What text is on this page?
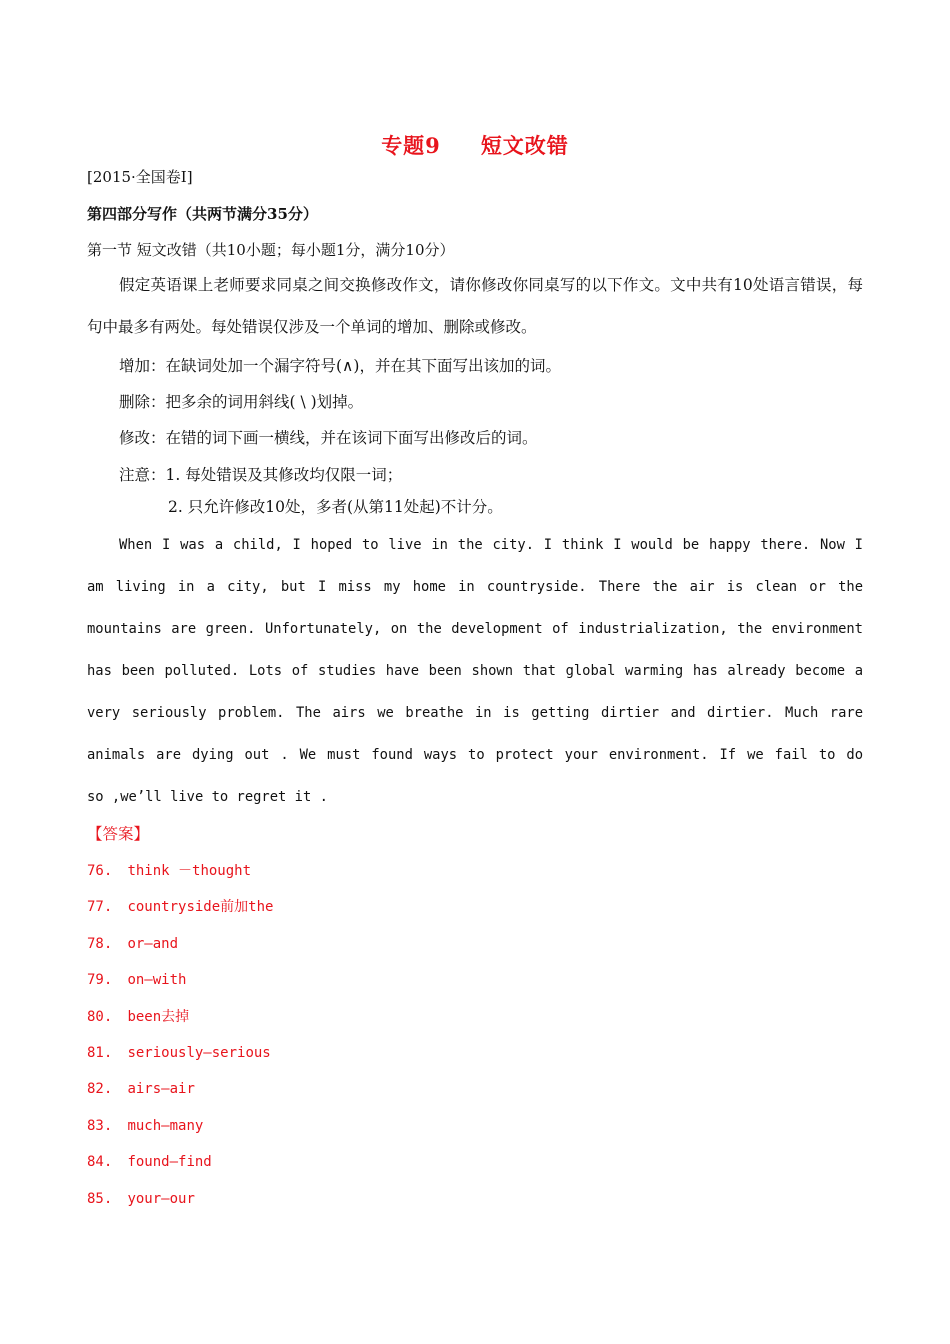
专题9 短文改错
[2015·全国卷Ⅰ]
第四部分写作（共两节满分35分）
第一节 短文改错（共10小题；每小题1分，满分10分）
假定英语课上老师要求同桌之间交换修改作文，请你修改你同桌写的以下作文。文中共有10处语言错误，每句中最多有两处。每处错误仅涉及一个单词的增加、删除或修改。
增加：在缺词处加一个漏字符号(∧)，并在其下面写出该加的词。
删除：把多余的词用斜线( \ )划掉。
修改：在错的词下画一横线，并在该词下面写出修改后的词。
注意：1. 每处错误及其修改均仅限一词；
2. 只允许修改10处，多者(从第11处起)不计分。
When I was a child, I hoped to live in the city. I think I would be happy there. Now I
am living in a city, but I miss my home in countryside. There the air is clean or the
mountains are green. Unfortunately, on the development of industrialization, the environment
has been polluted. Lots of studies have been shown that global warming has already become a
very seriously problem. The airs we breathe in is getting dirtier and dirtier. Much rare
animals are dying out . We must found ways to protect your environment. If we fail to do
so ,we’ll live to regret it .
【答案】
76. think －thought
77. countryside前加the
78. or—and
79. on—with
80. been去掉
81. seriously—serious
82. airs—air
83. much—many
84. found—find
85. your—our
